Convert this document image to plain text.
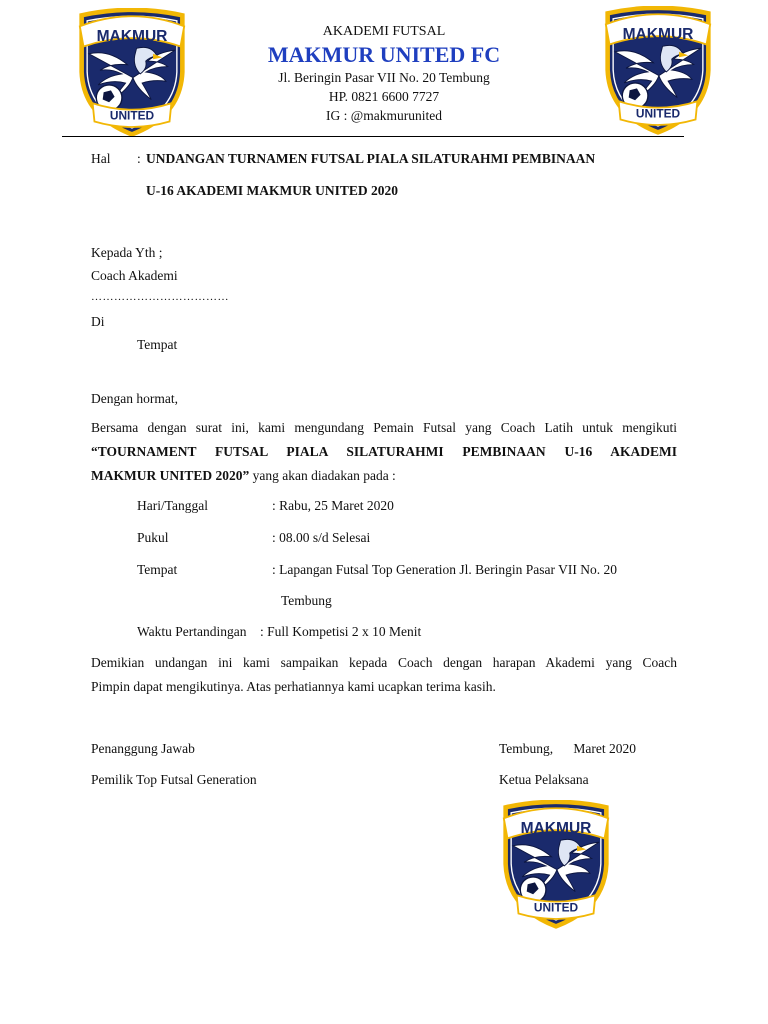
MAKMUR
UNITED
MAKMUR
UNITED
AKADEMI FUTSAL
MAKMUR UNITED FC
Jl. Beringin Pasar VII No. 20 Tembung
HP. 0821 6600 7727
IG : @makmurunited
Hal : UNDANGAN TURNAMEN FUTSAL PIALA SILATURAHMI PEMBINAAN
U-16 AKADEMI MAKMUR UNITED 2020
Kepada Yth ;
Coach Akademi
………………………………
Di
Tempat
Dengan hormat,
Bersama dengan surat ini, kami mengundang Pemain Futsal yang Coach Latih untuk mengikuti
“TOURNAMENT FUTSAL PIALA SILATURAHMI PEMBINAAN U-16 AKADEMI
MAKMUR UNITED 2020” yang akan diadakan pada :
Hari/Tanggal	: Rabu, 25 Maret 2020
Pukul	: 08.00 s/d Selesai
Tempat	: Lapangan Futsal Top Generation Jl. Beringin Pasar VII No. 20
Tembung
Waktu Pertandingan : Full Kompetisi 2 x 10 Menit
Demikian undangan ini kami sampaikan kepada Coach dengan harapan Akademi yang Coach
Pimpin dapat mengikutinya. Atas perhatiannya kami ucapkan terima kasih.
Penanggung Jawab
Pemilik Top Futsal Generation
Tembung,      Maret 2020
Ketua Pelaksana
MAKMUR
UNITED
